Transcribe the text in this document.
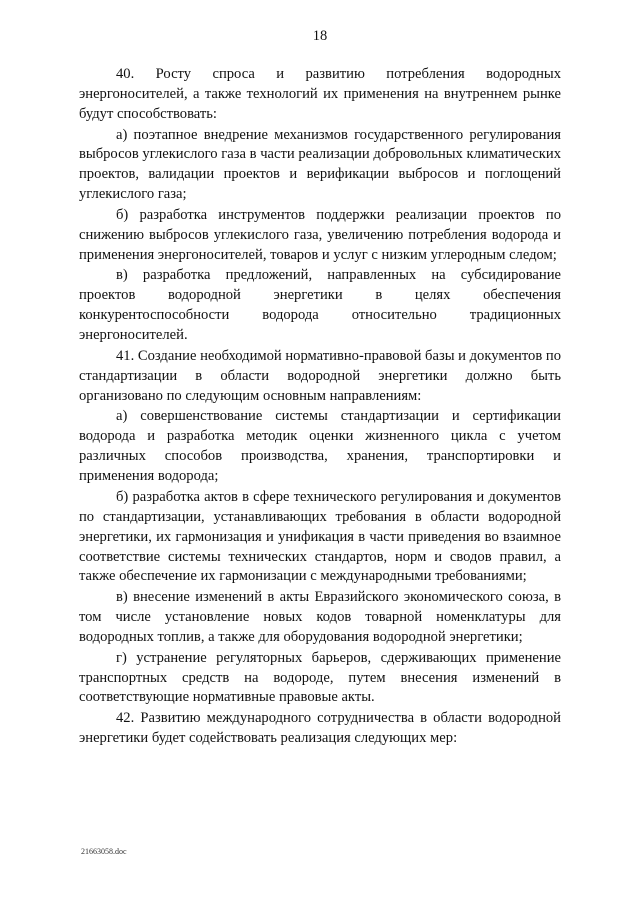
18

40. Росту спроса и развитию потребления водородных энергоносителей, а также технологий их применения на внутреннем рынке будут способствовать:

а) поэтапное внедрение механизмов государственного регулирования выбросов углекислого газа в части реализации добровольных климатических проектов, валидации проектов и верификации выбросов и поглощений углекислого газа;

б) разработка инструментов поддержки реализации проектов по снижению выбросов углекислого газа, увеличению потребления водорода и применения энергоносителей, товаров и услуг с низким углеродным следом;

в) разработка предложений, направленных на субсидирование проектов водородной энергетики в целях обеспечения конкурентоспособности водорода относительно традиционных энергоносителей.

41. Создание необходимой нормативно-правовой базы и документов по стандартизации в области водородной энергетики должно быть организовано по следующим основным направлениям:

а) совершенствование системы стандартизации и сертификации водорода и разработка методик оценки жизненного цикла с учетом различных способов производства, хранения, транспортировки и применения водорода;

б) разработка актов в сфере технического регулирования и документов по стандартизации, устанавливающих требования в области водородной энергетики, их гармонизация и унификация в части приведения во взаимное соответствие системы технических стандартов, норм и сводов правил, а также обеспечение их гармонизации с международными требованиями;

в) внесение изменений в акты Евразийского экономического союза, в том числе установление новых кодов товарной номенклатуры для водородных топлив, а также для оборудования водородной энергетики;

г) устранение регуляторных барьеров, сдерживающих применение транспортных средств на водороде, путем внесения изменений в соответствующие нормативные правовые акты.

42. Развитию международного сотрудничества в области водородной энергетики будет содействовать реализация следующих мер:

21663058.doc
